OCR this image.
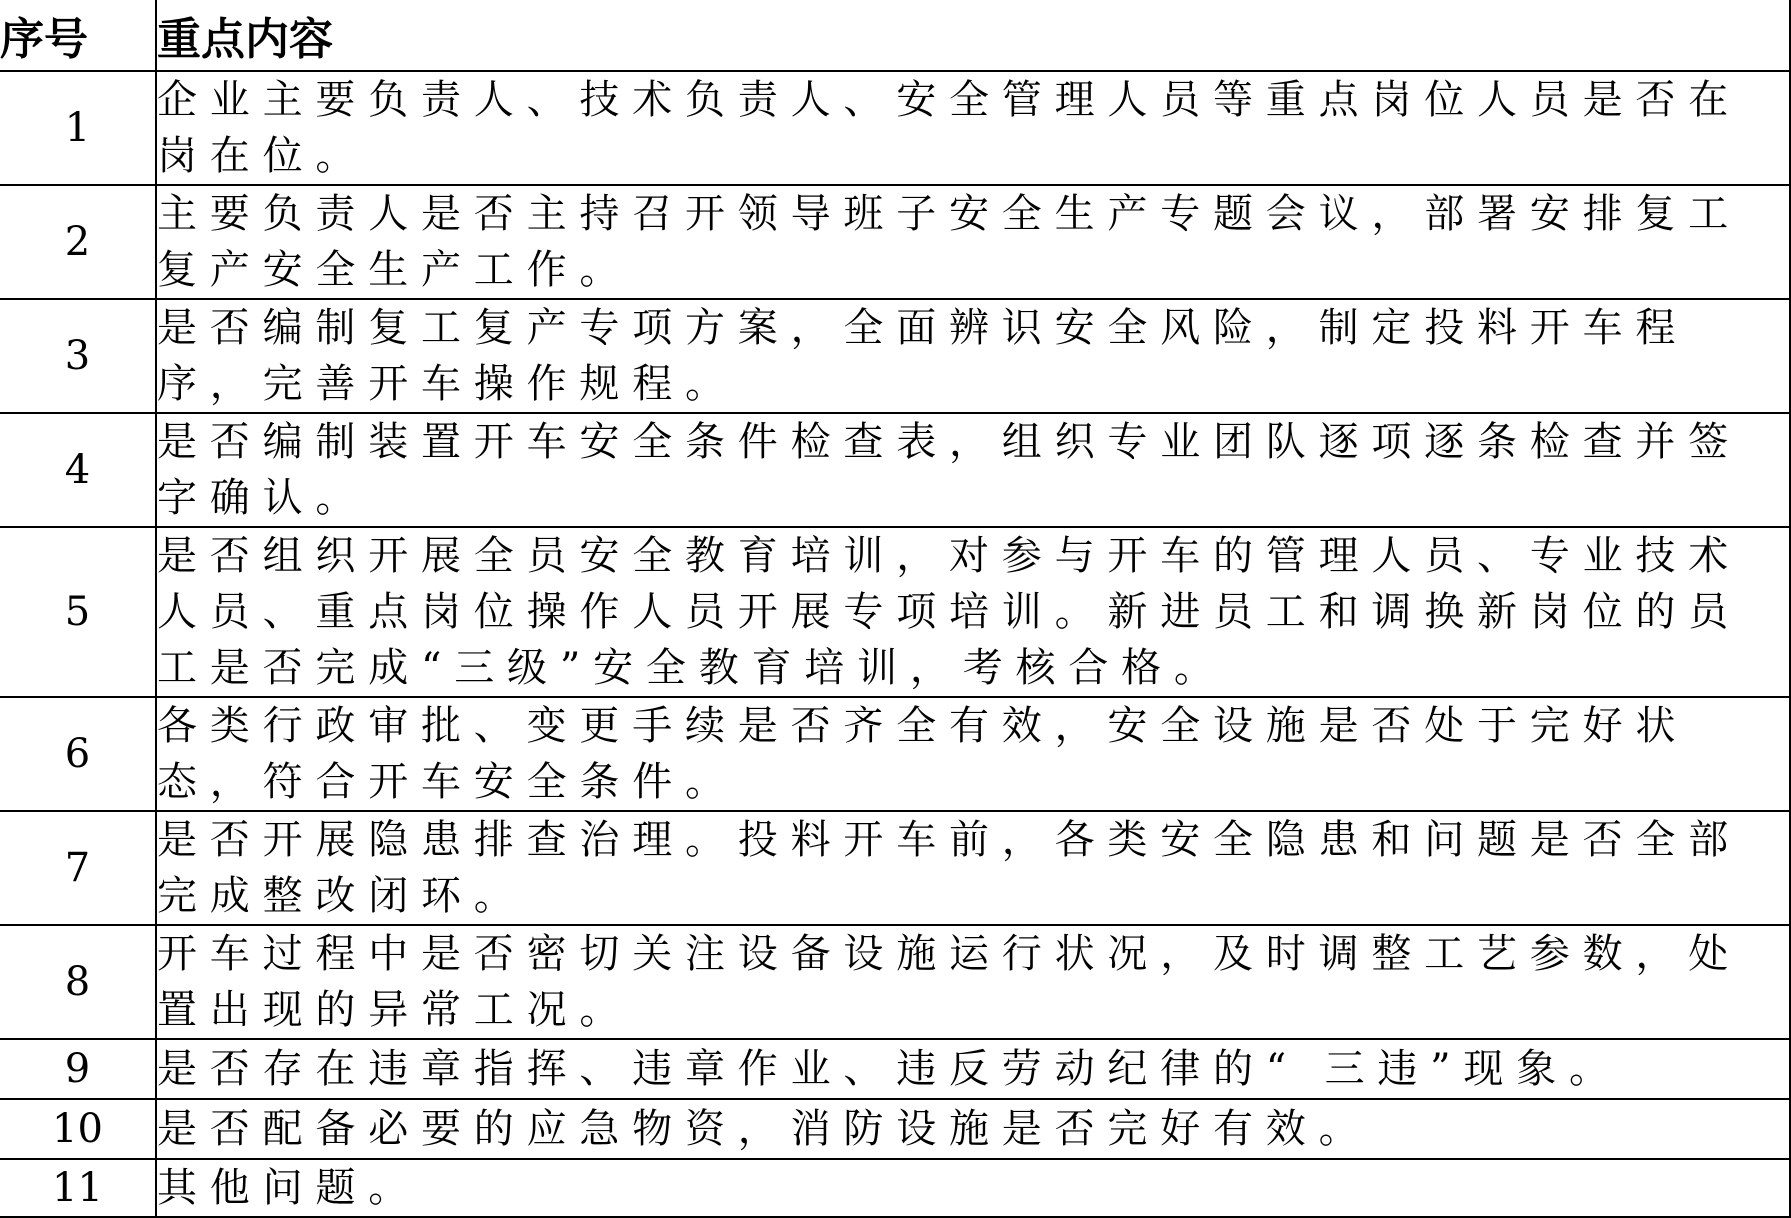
序号	重点内容
1	企业主要负责人、技术负责人、安全管理人员等重点岗位人员是否在岗在位。

2	主要负责人是否主持召开领导班子安全生产专题会议，部署安排复工复产安全生产工作。

3	是否编制复工复产专项方案，全面辨识安全风险，制定投料开车程序，完善开车操作规程。

4	是否编制装置开车安全条件检查表，组织专业团队逐项逐条检查并签字确认。

5	是否组织开展全员安全教育培训，对参与开车的管理人员、专业技术人员、重点岗位操作人员开展专项培训。新进员工和调换新岗位的员工是否完成“三级”安全教育培训，考核合格。

6	各类行政审批、变更手续是否齐全有效，安全设施是否处于完好状态，符合开车安全条件。

7	是否开展隐患排查治理。投料开车前，各类安全隐患和问题是否全部完成整改闭环。

8	开车过程中是否密切关注设备设施运行状况，及时调整工艺参数，处置出现的异常工况。

9	是否存在违章指挥、违章作业、违反劳动纪律的“ 三违”现象。

10	是否配备必要的应急物资，消防设施是否完好有效。

11	其他问题。
